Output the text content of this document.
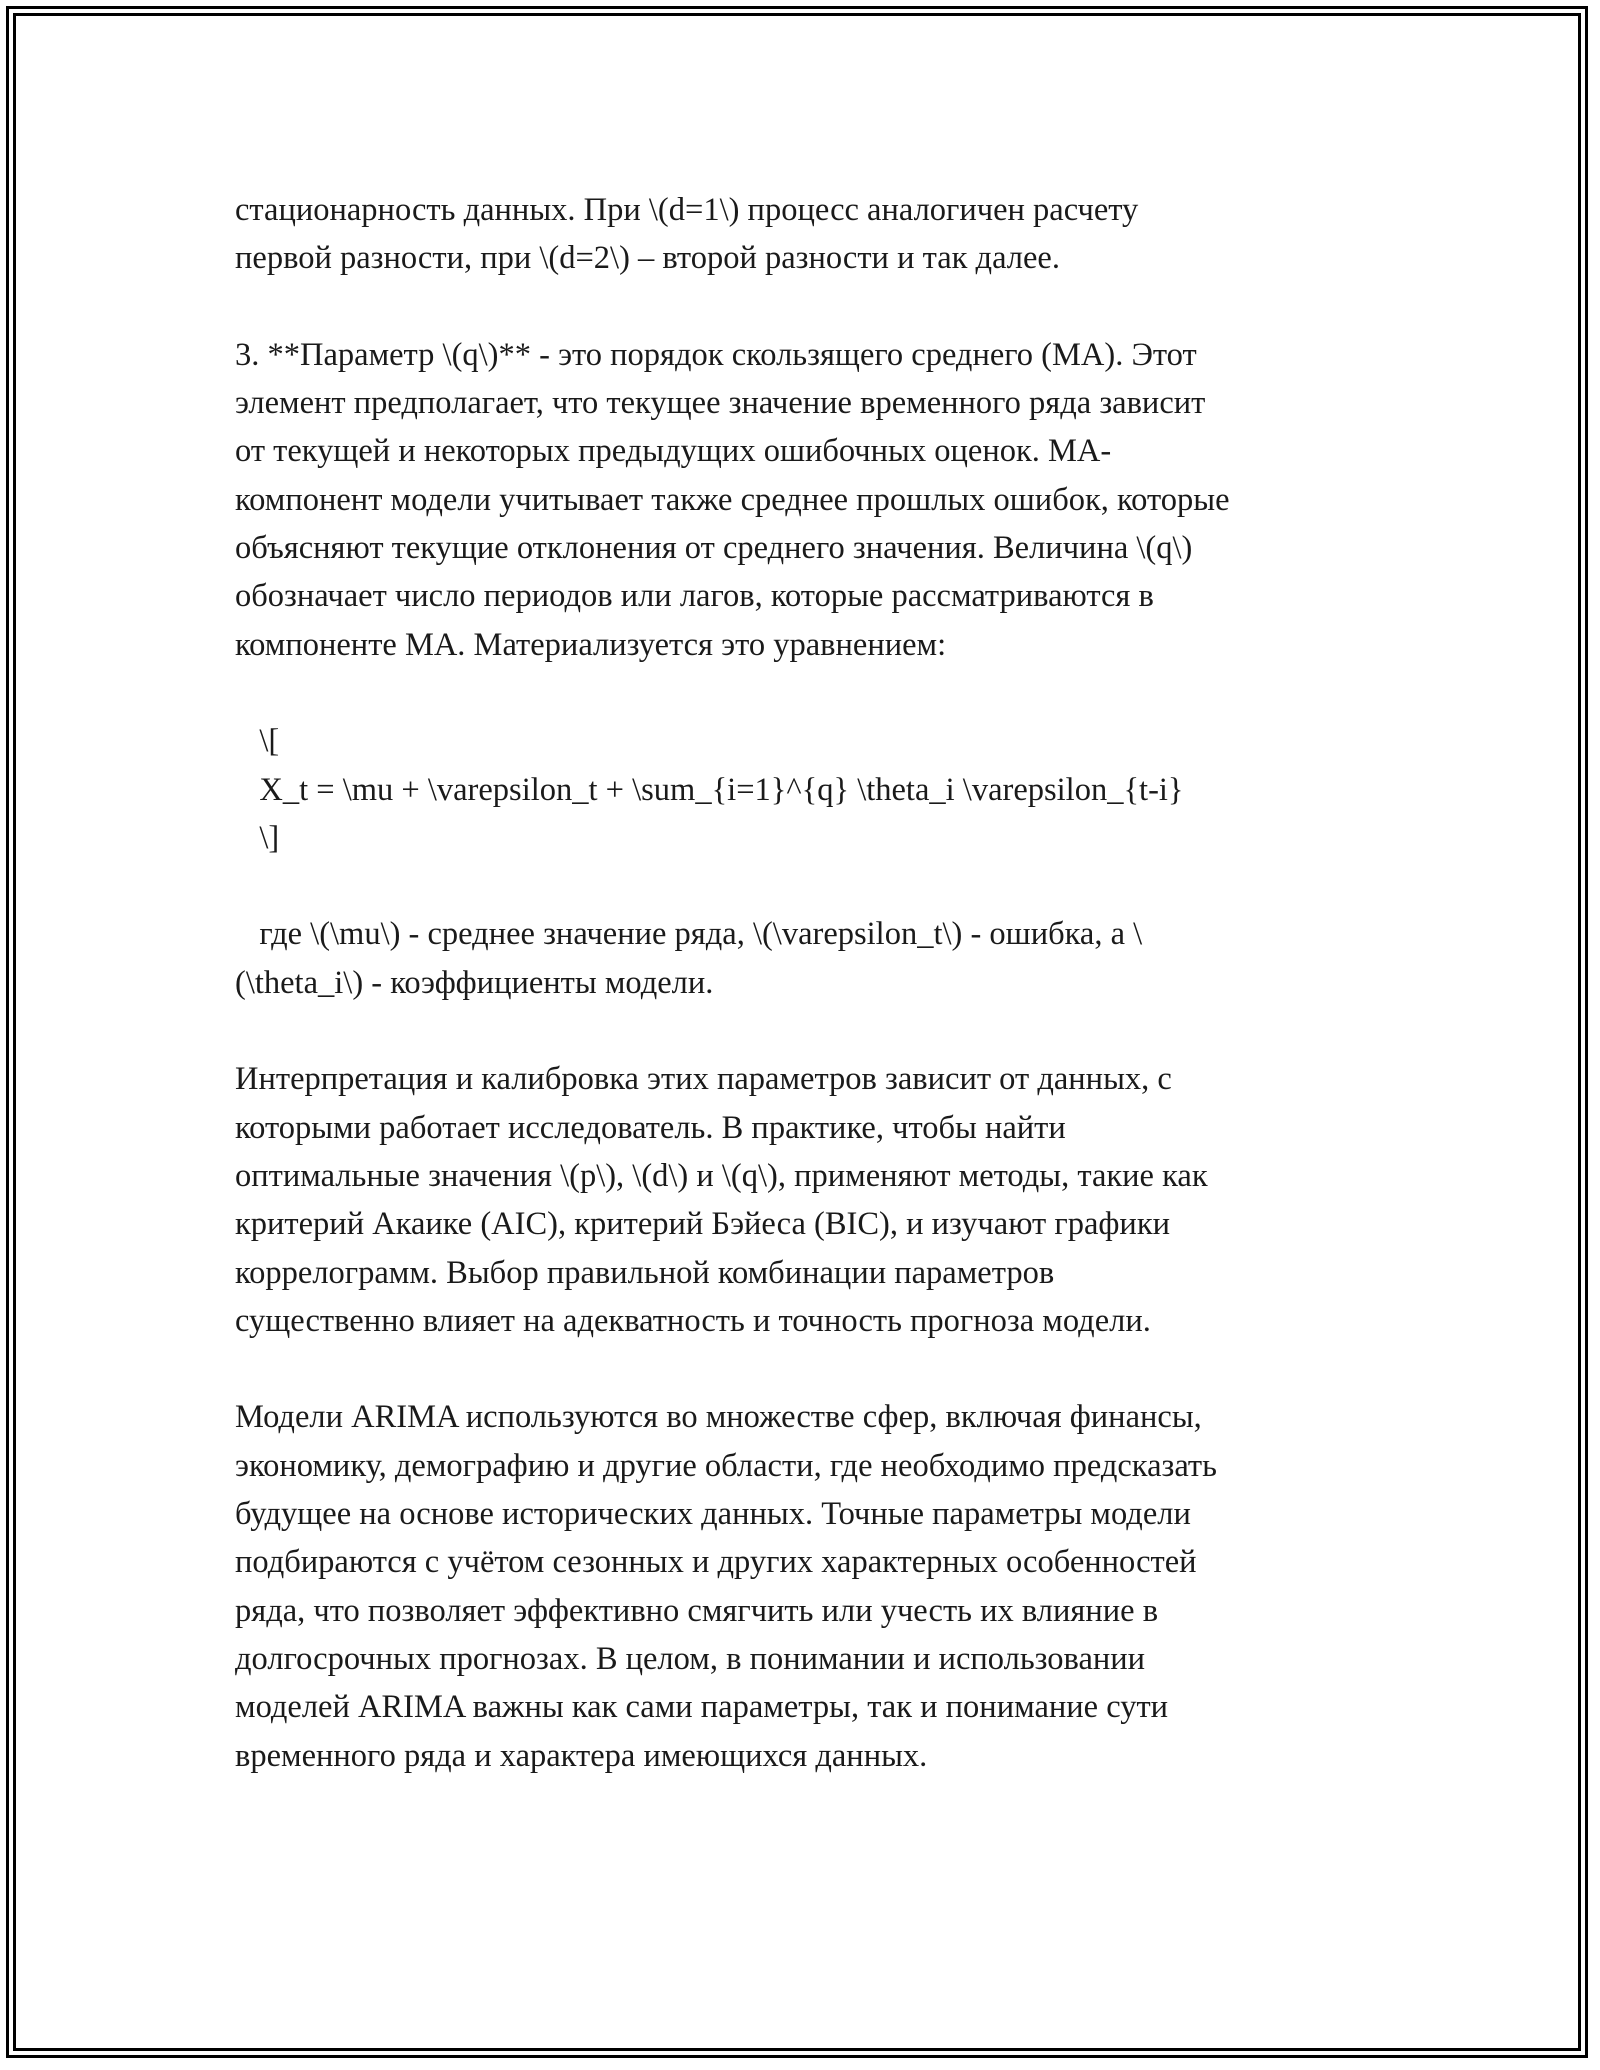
стационарность данных. При \(d=1\) процесс аналогичен расчету
первой разности, при \(d=2\) – второй разности и так далее.
3. **Параметр \(q\)** - это порядок скользящего среднего (MA). Этот
элемент предполагает, что текущее значение временного ряда зависит
от текущей и некоторых предыдущих ошибочных оценок. MA-
компонент модели учитывает также среднее прошлых ошибок, которые
объясняют текущие отклонения от среднего значения. Величина \(q\)
обозначает число периодов или лагов, которые рассматриваются в
компоненте MA. Материализуется это уравнением:
\[
X_t = \mu + \varepsilon_t + \sum_{i=1}^{q} \theta_i \varepsilon_{t-i}
\]
где \(\mu\) - среднее значение ряда, \(\varepsilon_t\) - ошибка, а \
(\theta_i\) - коэффициенты модели.
Интерпретация и калибровка этих параметров зависит от данных, с
которыми работает исследователь. В практике, чтобы найти
оптимальные значения \(p\), \(d\) и \(q\), применяют методы, такие как
критерий Акаике (AIC), критерий Бэйеса (BIC), и изучают графики
коррелограмм. Выбор правильной комбинации параметров
существенно влияет на адекватность и точность прогноза модели.
Модели ARIMA используются во множестве сфер, включая финансы,
экономику, демографию и другие области, где необходимо предсказать
будущее на основе исторических данных. Точные параметры модели
подбираются с учётом сезонных и других характерных особенностей
ряда, что позволяет эффективно смягчить или учесть их влияние в
долгосрочных прогнозах. В целом, в понимании и использовании
моделей ARIMA важны как сами параметры, так и понимание сути
временного ряда и характера имеющихся данных.
